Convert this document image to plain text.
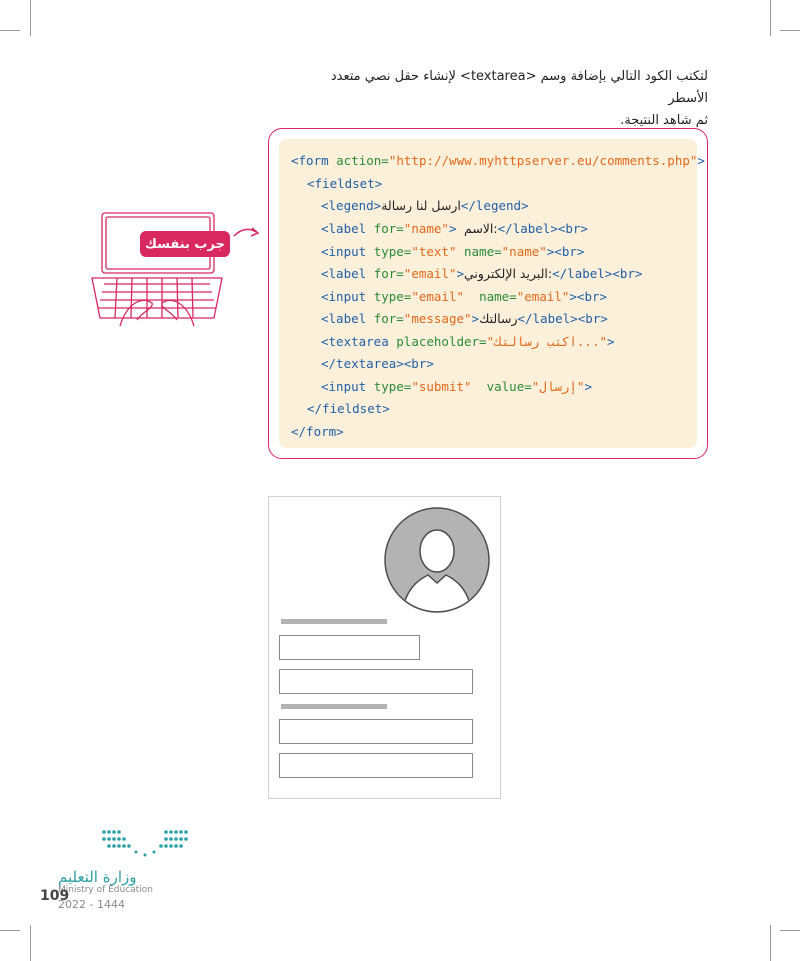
لتكتب الكود التالي بإضافة وسم <textarea> لإنشاء حقل نصي متعدد الأسطر
ثم شاهد النتيجة.
جرب بنفسك
<form action="http://www.myhttpserver.eu/comments.php">
<fieldset>
<legend>ارسل لنا رسالة</legend>
<label for="name"> الاسم:</label><br>
<input type="text" name="name"><br>
<label for="email">البريد الإلكتروني:</label><br>
<input type="email"  name="email"><br>
<label for="message">رسالتك</label><br>
<textarea placeholder="اكتب رسالتك...">
</textarea><br>
<input type="submit"  value="إرسال">
</fieldset>
</form>
وزارة التعليم
Ministry of Education
109
2022 - 1444
